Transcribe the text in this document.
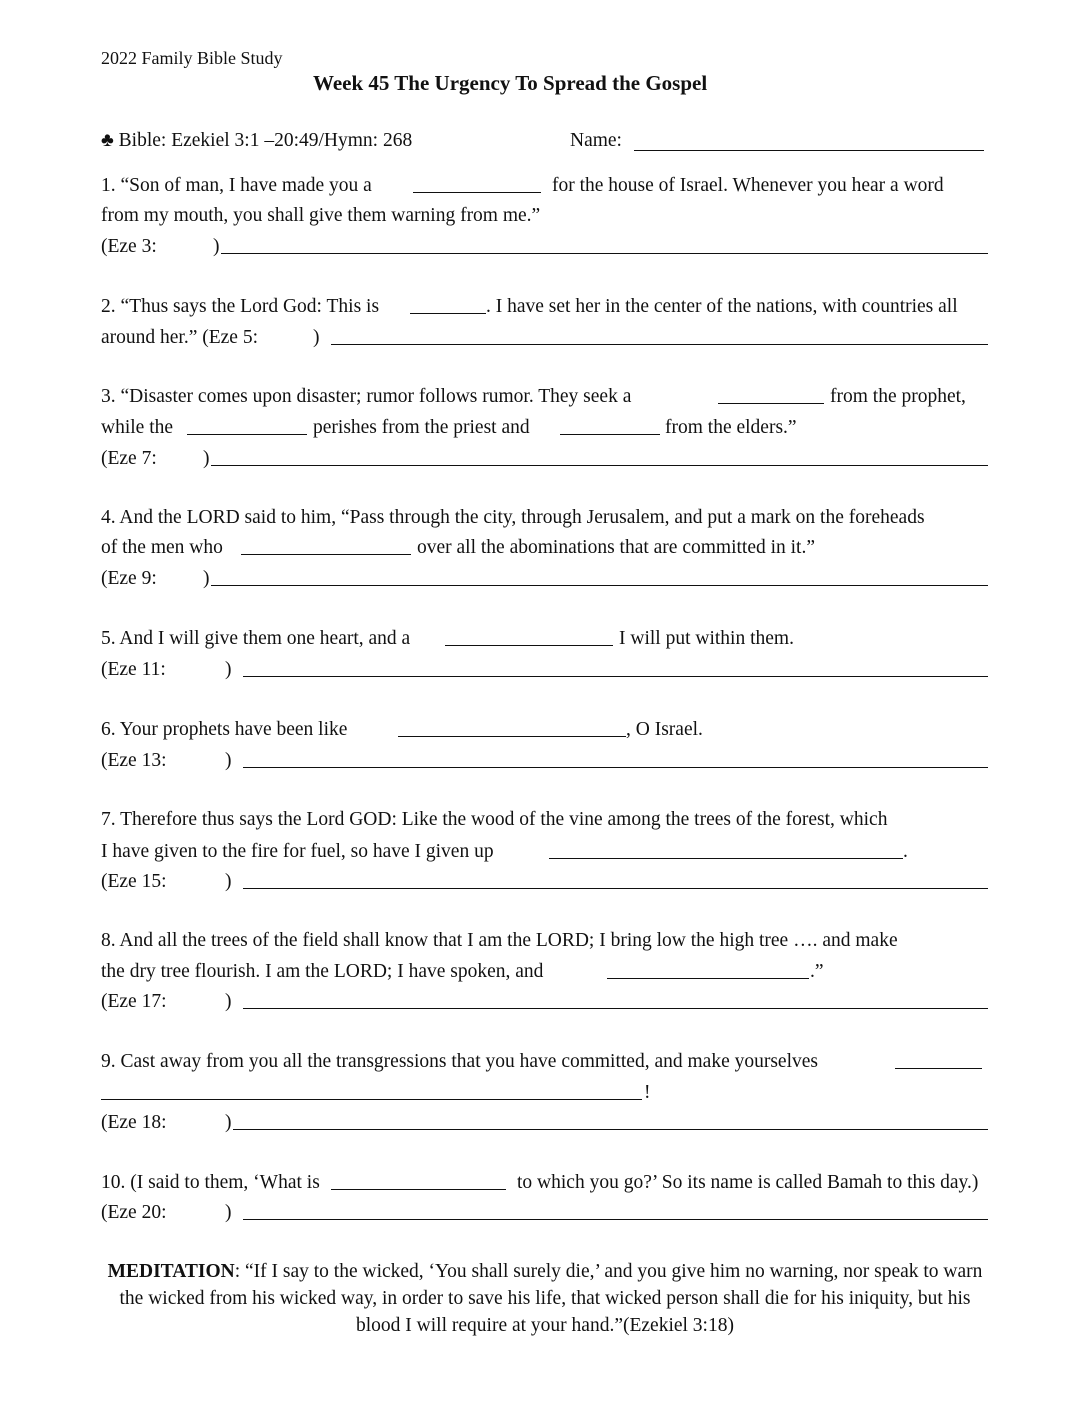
2022 Family Bible Study
Week 45 The Urgency To Spread the Gospel
♣ Bible: Ezekiel 3:1 –20:49/Hymn: 268	Name:
1. “Son of man, I have made you a	for the house of Israel. Whenever you hear a word
from my mouth, you shall give them warning from me.”
(Eze 3:	)
2. “Thus says the Lord God: This is	. I have set her in the center of the nations, with countries all
around her.” (Eze 5:	)
3. “Disaster comes upon disaster; rumor follows rumor. They seek a	from the prophet,
while the	perishes from the priest and	from the elders.”
(Eze 7: )
4. And the LORD said to him, “Pass through the city, through Jerusalem, and put a mark on the foreheads
of the men who	over all the abominations that are committed in it.”
(Eze 9: )
5. And I will give them one heart, and a	I will put within them.
(Eze 11:	)
6. Your prophets have been like	, O Israel.
(Eze 13:	)
7. Therefore thus says the Lord GOD: Like the wood of the vine among the trees of the forest, which
I have given to the fire for fuel, so have I given up	.
(Eze 15:	)
8. And all the trees of the field shall know that I am the LORD; I bring low the high tree …. and make
the dry tree flourish. I am the LORD; I have spoken, and	.”
(Eze 17:	)
9. Cast away from you all the transgressions that you have committed, and make yourselves
!
(Eze 18:	)
10. (I said to them, ‘What is	to which you go?’ So its name is called Bamah to this day.)
(Eze 20:	)
MEDITATION: “If I say to the wicked, ‘You shall surely die,’ and you give him no warning, nor speak to warn the wicked from his wicked way, in order to save his life, that wicked person shall die for his iniquity, but his blood I will require at your hand.”(Ezekiel 3:18)
